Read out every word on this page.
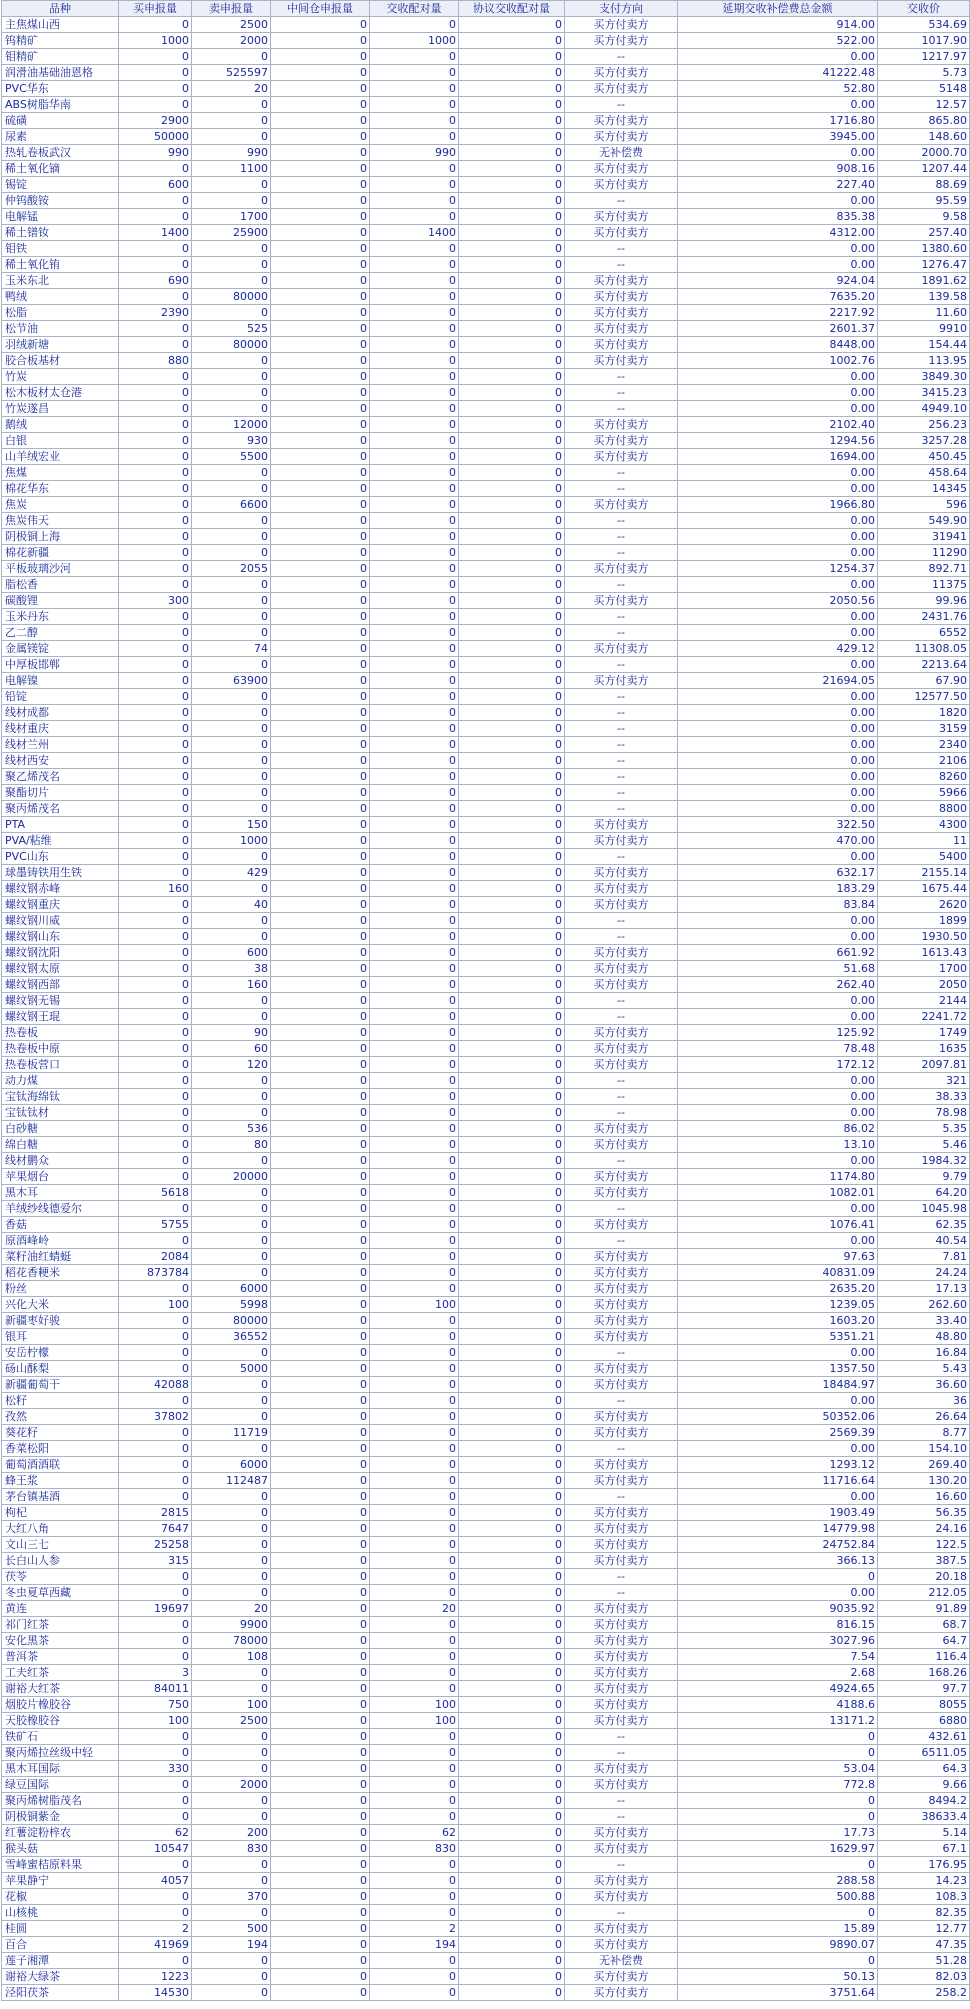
品种	买申报量	卖申报量	中间仓申报量	交收配对量	协议交收配对量	支付方向	延期交收补偿费总金额	交收价
主焦煤山西	0	2500	0	0	0	买方付卖方	914.00	534.69
钨精矿	1000	2000	0	1000	0	买方付卖方	522.00	1017.90
钼精矿	0	0	0	0	0	--	0.00	1217.97
润滑油基础油恩格	0	525597	0	0	0	买方付卖方	41222.48	5.73
PVC华东	0	20	0	0	0	买方付卖方	52.80	5148
ABS树脂华南	0	0	0	0	0	--	0.00	12.57
硫磺	2900	0	0	0	0	买方付卖方	1716.80	865.80
尿素	50000	0	0	0	0	买方付卖方	3945.00	148.60
热轧卷板武汉	990	990	0	990	0	无补偿费	0.00	2000.70
稀土氧化镝	0	1100	0	0	0	买方付卖方	908.16	1207.44
锡锭	600	0	0	0	0	买方付卖方	227.40	88.69
仲钨酸铵	0	0	0	0	0	--	0.00	95.59
电解锰	0	1700	0	0	0	买方付卖方	835.38	9.58
稀土镨钕	1400	25900	0	1400	0	买方付卖方	4312.00	257.40
钼铁	0	0	0	0	0	--	0.00	1380.60
稀土氧化铕	0	0	0	0	0	--	0.00	1276.47
玉米东北	690	0	0	0	0	买方付卖方	924.04	1891.62
鸭绒	0	80000	0	0	0	买方付卖方	7635.20	139.58
松脂	2390	0	0	0	0	买方付卖方	2217.92	11.60
松节油	0	525	0	0	0	买方付卖方	2601.37	9910
羽绒新塘	0	80000	0	0	0	买方付卖方	8448.00	154.44
胶合板基材	880	0	0	0	0	买方付卖方	1002.76	113.95
竹炭	0	0	0	0	0	--	0.00	3849.30
松木板材太仓港	0	0	0	0	0	--	0.00	3415.23
竹炭遂昌	0	0	0	0	0	--	0.00	4949.10
鹅绒	0	12000	0	0	0	买方付卖方	2102.40	256.23
白银	0	930	0	0	0	买方付卖方	1294.56	3257.28
山羊绒宏业	0	5500	0	0	0	买方付卖方	1694.00	450.45
焦煤	0	0	0	0	0	--	0.00	458.64
棉花华东	0	0	0	0	0	--	0.00	14345
焦炭	0	6600	0	0	0	买方付卖方	1966.80	596
焦炭伟天	0	0	0	0	0	--	0.00	549.90
阴极铜上海	0	0	0	0	0	--	0.00	31941
棉花新疆	0	0	0	0	0	--	0.00	11290
平板玻璃沙河	0	2055	0	0	0	买方付卖方	1254.37	892.71
脂松香	0	0	0	0	0	--	0.00	11375
碳酸锂	300	0	0	0	0	买方付卖方	2050.56	99.96
玉米丹东	0	0	0	0	0	--	0.00	2431.76
乙二醇	0	0	0	0	0	--	0.00	6552
金属镁锭	0	74	0	0	0	买方付卖方	429.12	11308.05
中厚板邯郸	0	0	0	0	0	--	0.00	2213.64
电解镍	0	63900	0	0	0	买方付卖方	21694.05	67.90
铅锭	0	0	0	0	0	--	0.00	12577.50
线材成都	0	0	0	0	0	--	0.00	1820
线材重庆	0	0	0	0	0	--	0.00	3159
线材兰州	0	0	0	0	0	--	0.00	2340
线材西安	0	0	0	0	0	--	0.00	2106
聚乙烯茂名	0	0	0	0	0	--	0.00	8260
聚酯切片	0	0	0	0	0	--	0.00	5966
聚丙烯茂名	0	0	0	0	0	--	0.00	8800
PTA	0	150	0	0	0	买方付卖方	322.50	4300
PVA/粘维	0	1000	0	0	0	买方付卖方	470.00	11
PVC山东	0	0	0	0	0	--	0.00	5400
球墨铸铁用生铁	0	429	0	0	0	买方付卖方	632.17	2155.14
螺纹钢赤峰	160	0	0	0	0	买方付卖方	183.29	1675.44
螺纹钢重庆	0	40	0	0	0	买方付卖方	83.84	2620
螺纹钢川威	0	0	0	0	0	--	0.00	1899
螺纹钢山东	0	0	0	0	0	--	0.00	1930.50
螺纹钢沈阳	0	600	0	0	0	买方付卖方	661.92	1613.43
螺纹钢太原	0	38	0	0	0	买方付卖方	51.68	1700
螺纹钢西部	0	160	0	0	0	买方付卖方	262.40	2050
螺纹钢无锡	0	0	0	0	0	--	0.00	2144
螺纹钢王琨	0	0	0	0	0	--	0.00	2241.72
热卷板	0	90	0	0	0	买方付卖方	125.92	1749
热卷板中原	0	60	0	0	0	买方付卖方	78.48	1635
热卷板营口	0	120	0	0	0	买方付卖方	172.12	2097.81
动力煤	0	0	0	0	0	--	0.00	321
宝钛海绵钛	0	0	0	0	0	--	0.00	38.33
宝钛钛材	0	0	0	0	0	--	0.00	78.98
白砂糖	0	536	0	0	0	买方付卖方	86.02	5.35
绵白糖	0	80	0	0	0	买方付卖方	13.10	5.46
线材鹏众	0	0	0	0	0	--	0.00	1984.32
苹果烟台	0	20000	0	0	0	买方付卖方	1174.80	9.79
黑木耳	5618	0	0	0	0	买方付卖方	1082.01	64.20
羊绒纱线德爱尔	0	0	0	0	0	--	0.00	1045.98
香菇	5755	0	0	0	0	买方付卖方	1076.41	62.35
原酒峰岭	0	0	0	0	0	--	0.00	40.54
菜籽油红蜻蜓	2084	0	0	0	0	买方付卖方	97.63	7.81
稻花香粳米	873784	0	0	0	0	买方付卖方	40831.09	24.24
粉丝	0	6000	0	0	0	买方付卖方	2635.20	17.13
兴化大米	100	5998	0	100	0	买方付卖方	1239.05	262.60
新疆枣好骏	0	80000	0	0	0	买方付卖方	1603.20	33.40
银耳	0	36552	0	0	0	买方付卖方	5351.21	48.80
安岳柠檬	0	0	0	0	0	--	0.00	16.84
砀山酥梨	0	5000	0	0	0	买方付卖方	1357.50	5.43
新疆葡萄干	42088	0	0	0	0	买方付卖方	18484.97	36.60
松籽	0	0	0	0	0	--	0.00	36
孜然	37802	0	0	0	0	买方付卖方	50352.06	26.64
葵花籽	0	11719	0	0	0	买方付卖方	2569.39	8.77
香菜松阳	0	0	0	0	0	--	0.00	154.10
葡萄酒酒联	0	6000	0	0	0	买方付卖方	1293.12	269.40
蜂王浆	0	112487	0	0	0	买方付卖方	11716.64	130.20
茅台镇基酒	0	0	0	0	0	--	0.00	16.60
枸杞	2815	0	0	0	0	买方付卖方	1903.49	56.35
大红八角	7647	0	0	0	0	买方付卖方	14779.98	24.16
文山三七	25258	0	0	0	0	买方付卖方	24752.84	122.5
长白山人参	315	0	0	0	0	买方付卖方	366.13	387.5
茯苓	0	0	0	0	0	--	0	20.18
冬虫夏草西藏	0	0	0	0	0	--	0.00	212.05
黄连	19697	20	0	20	0	买方付卖方	9035.92	91.89
祁门红茶	0	9900	0	0	0	买方付卖方	816.15	68.7
安化黑茶	0	78000	0	0	0	买方付卖方	3027.96	64.7
普洱茶	0	108	0	0	0	买方付卖方	7.54	116.4
工夫红茶	3	0	0	0	0	买方付卖方	2.68	168.26
谢裕大红茶	84011	0	0	0	0	买方付卖方	4924.65	97.7
烟胶片橡胶谷	750	100	0	100	0	买方付卖方	4188.6	8055
天胶橡胶谷	100	2500	0	100	0	买方付卖方	13171.2	6880
铁矿石	0	0	0	0	0	--	0	432.61
聚丙烯拉丝级中轻	0	0	0	0	0	--	0	6511.05
黑木耳国际	330	0	0	0	0	买方付卖方	53.04	64.3
绿豆国际	0	2000	0	0	0	买方付卖方	772.8	9.66
聚丙烯树脂茂名	0	0	0	0	0	--	0	8494.2
阴极铜紫金	0	0	0	0	0	--	0	38633.4
红薯淀粉梓农	62	200	0	62	0	买方付卖方	17.73	5.14
猴头菇	10547	830	0	830	0	买方付卖方	1629.97	67.1
雪峰蜜桔原料果	0	0	0	0	0	--	0	176.95
苹果静宁	4057	0	0	0	0	买方付卖方	288.58	14.23
花椒	0	370	0	0	0	买方付卖方	500.88	108.3
山核桃	0	0	0	0	0	--	0	82.35
桂圆	2	500	0	2	0	买方付卖方	15.89	12.77
百合	41969	194	0	194	0	买方付卖方	9890.07	47.35
莲子湘潭	0	0	0	0	0	无补偿费	0	51.28
谢裕大绿茶	1223	0	0	0	0	买方付卖方	50.13	82.03
泾阳茯茶	14530	0	0	0	0	买方付卖方	3751.64	258.2
